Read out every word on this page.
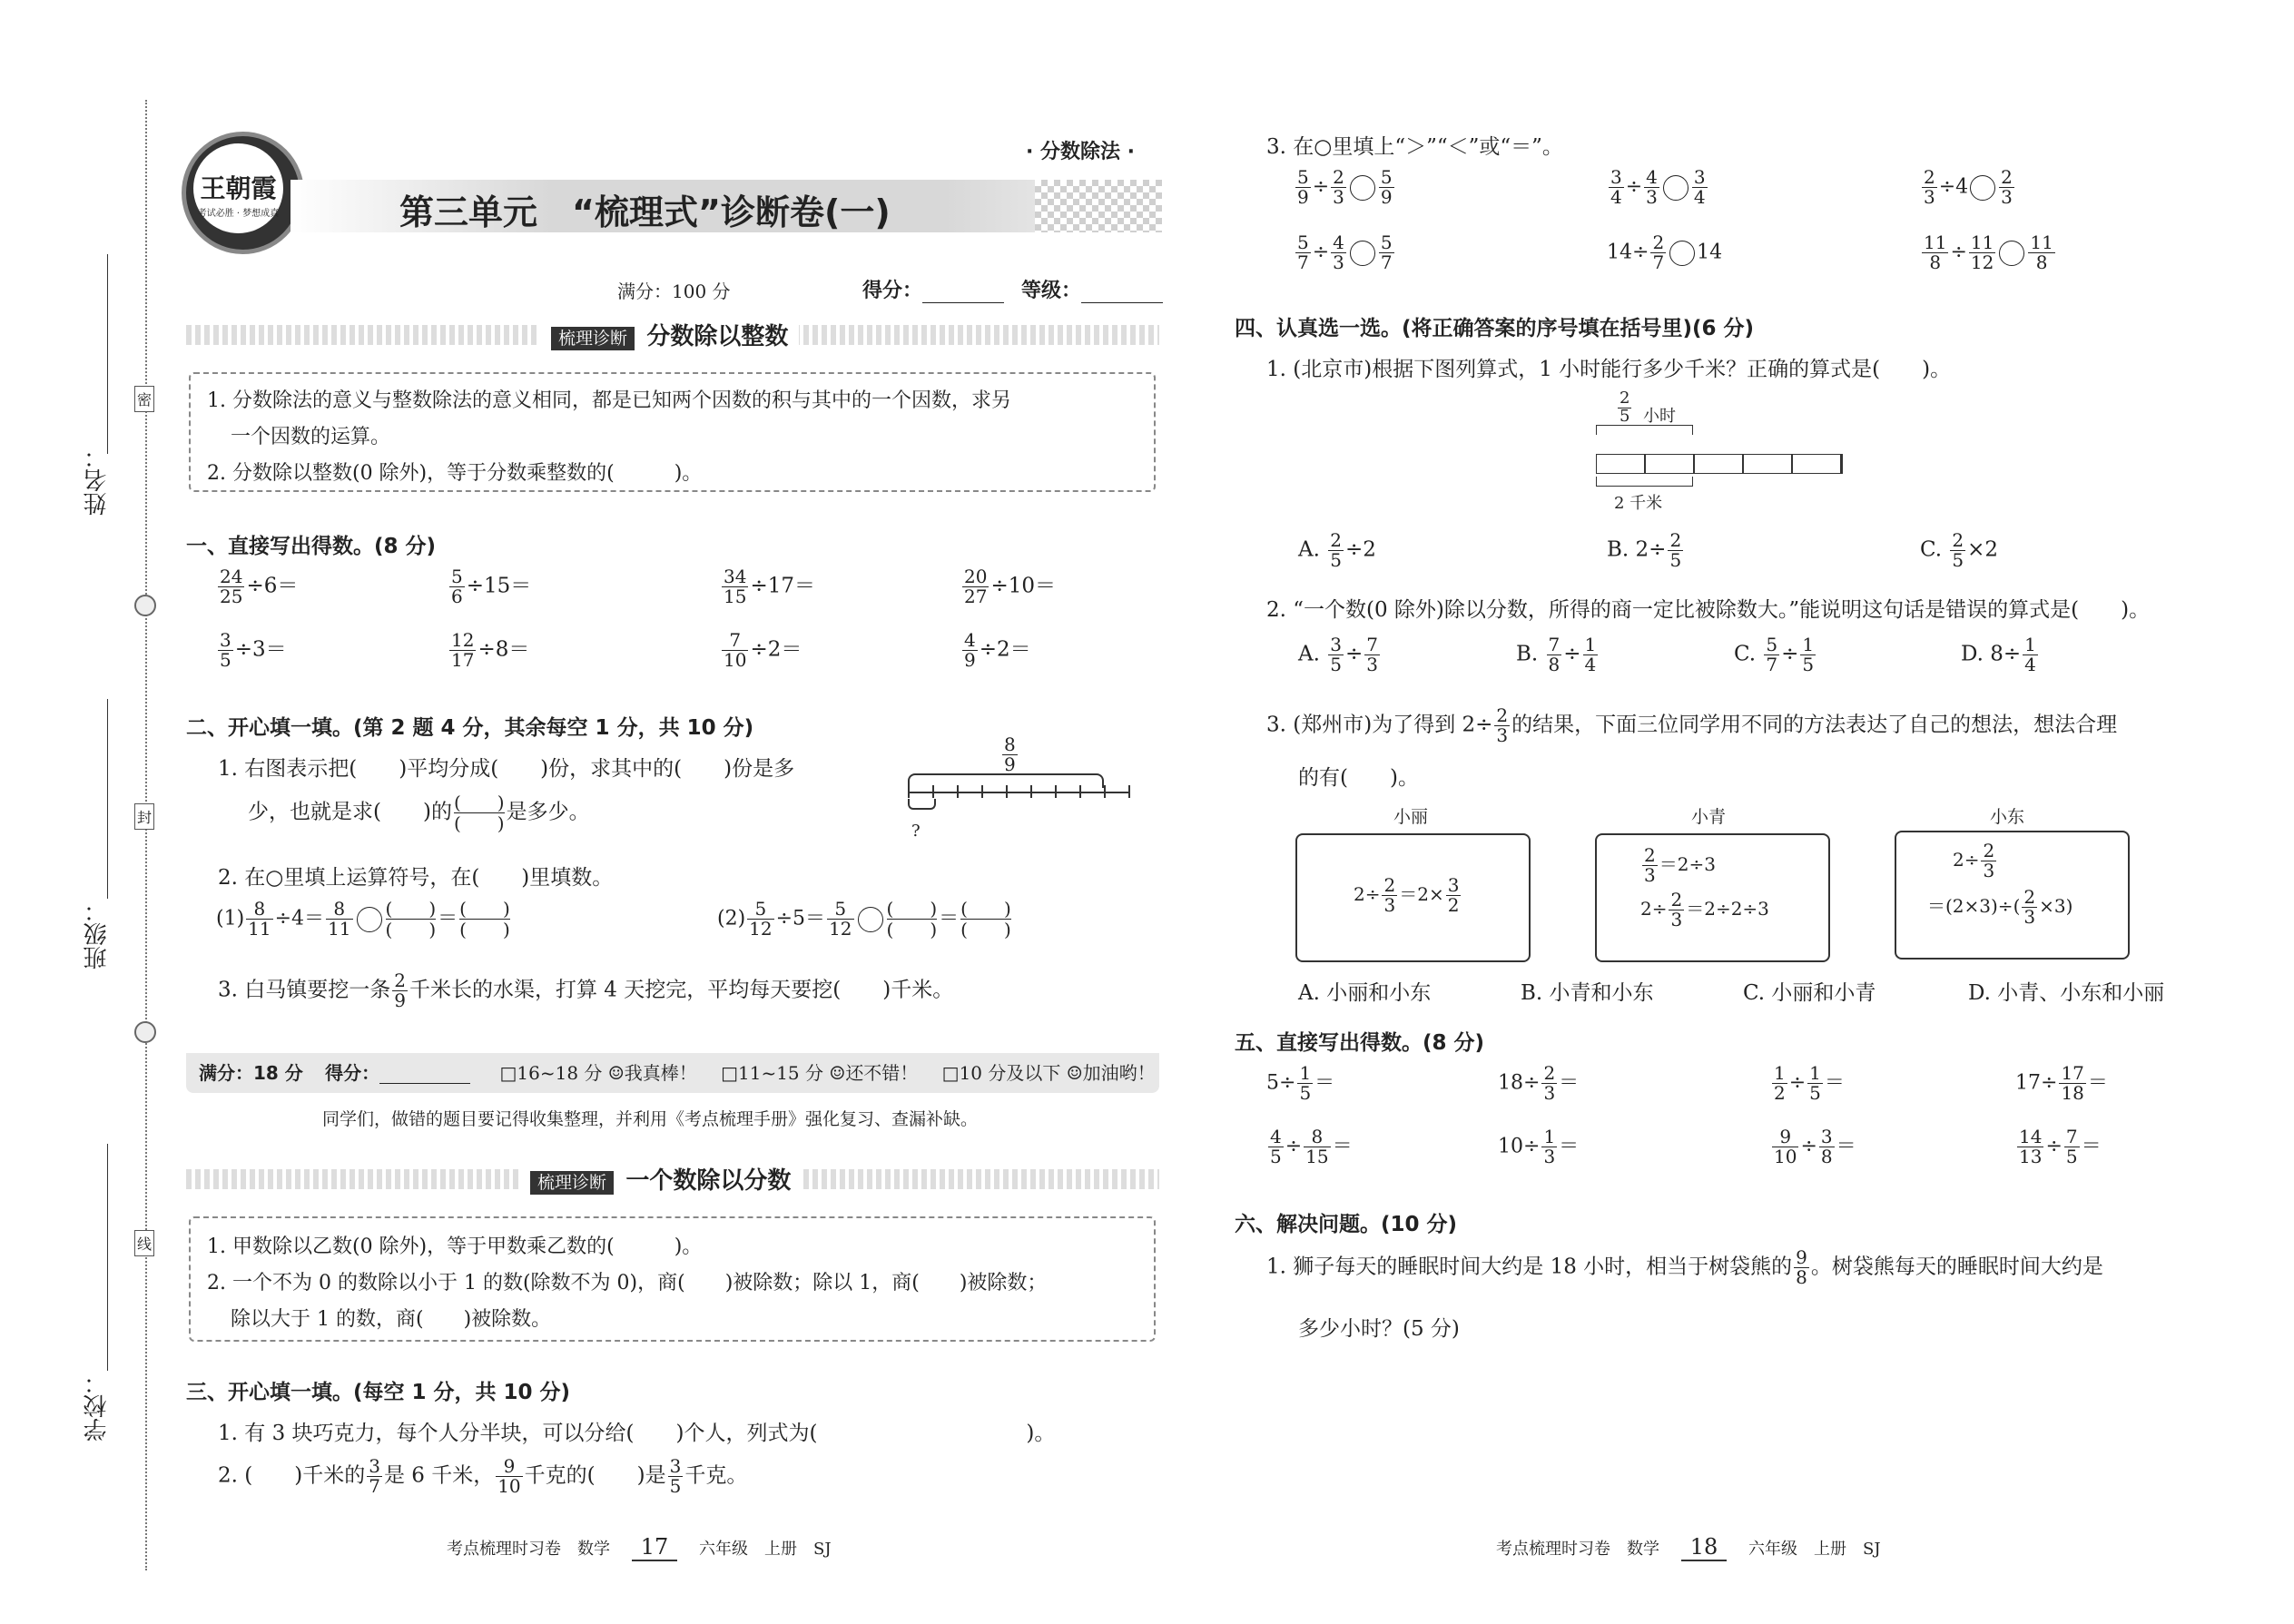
姓名：
班级：
学校：
密
封
线
王朝霞
考试必胜 · 梦想成真
· 分数除法 ·
第三单元　“梳理式”诊断卷(一)
满分：100 分	得分：	等级：
梳理诊断 分数除以整数
1. 分数除法的意义与整数除法的意义相同，都是已知两个因数的积与其中的一个因数，求另
一个因数的运算。
2. 分数除以整数(0 除外)，等于分数乘整数的(　　　)。
一、直接写出得数。(8 分)
$\frac{24}{25} \div 6=$	$\frac{5}{6} \div 15=$	$\frac{34}{15} \div 17=$	$\frac{20}{27} \div 10=$
$\frac{3}{5} \div 3=$	$\frac{12}{17} \div 8=$	$\frac{7}{10} \div 2=$	$\frac{4}{9} \div 2=$
二、开心填一填。(第 2 题 4 分，其余每空 1 分，共 10 分)
1. 右图表示把(　　)平均分成(　　)份，求其中的(　　)份是多
少，也就是求(　　)的 (　　)
(　　)是多少。
$\frac{8}{9}$
?
2. 在○里填上运算符号，在(　　)里填数。
$(1) \frac{8}{11} \div 4= \frac{8}{11}$ (　　)
(　　)＝ (　　)
(　　)	$(2) \frac{5}{12} \div 5= \frac{5}{12}$ (　　)
(　　)＝ (　　)
(　　)
3. 白马镇要挖一条 $\frac{2}{9}$ 千米长的水渠，打算 4 天挖完，平均每天要挖(　　)千米。
满分：18 分 得分：	□16~18 分 ☺我真棒！ □11~15 分 ☺还不错！ □10 分及以下 ☺加油哟！
同学们，做错的题目要记得收集整理，并利用《考点梳理手册》强化复习、查漏补缺。
梳理诊断 一个数除以分数
1. 甲数除以乙数(0 除外)，等于甲数乘乙数的(　　　)。
2. 一个不为 0 的数除以小于 1 的数(除数不为 0)，商(　　)被除数；除以 1，商(　　)被除数；
除以大于 1 的数，商(　　)被除数。
三、开心填一填。(每空 1 分，共 10 分)
1. 有 3 块巧克力，每个人分半块，可以分给(　　)个人，列式为(　　　　　　　　　　)。
2. (　　)千米的 $\frac{3}{7}$ 是 6 千米， $\frac{9}{10}$ 千克的(　　)是 $\frac{3}{5}$ 千克。
考点梳理时习卷　数学 17 六年级　上册　SJ
3. 在○里填上“＞”“＜”或“＝”。
$\frac{5}{9} \div \frac{2}{3} \frac{5}{9}$	$\frac{3}{4} \div \frac{4}{3} \frac{3}{4}$	$\frac{2}{3} \div 4 \frac{2}{3}$
$\frac{5}{7} \div \frac{4}{3} \frac{5}{7}$	$14\div \frac{2}{7} 14$	$\frac{11}{8} \div \frac{11}{12} \frac{11}{8}$
四、认真选一选。(将正确答案的序号填在括号里)(6 分)
1. (北京市)根据下图列算式，1 小时能行多少千米？正确的算式是(　　)。
$\frac{2}{5}$ 小时
2 千米
A. $\frac{2}{5} \div 2$	B. $2\div \frac{2}{5}$	C. $\frac{2}{5} \times 2$
2. “一个数(0 除外)除以分数，所得的商一定比被除数大。”能说明这句话是错误的算式是(　　)。
A. $\frac{3}{5} \div \frac{7}{3}$	B. $\frac{7}{8} \div \frac{1}{4}$	C. $\frac{5}{7} \div \frac{1}{5}$	D. $8\div \frac{1}{4}$
3. (郑州市)为了得到 $2\div \frac{2}{3}$ 的结果，下面三位同学用不同的方法表达了自己的想法，想法合理
的有(　　)。
小丽	小青	小东
$2\div \frac{2}{3} =2\times \frac{3}{2}$
$\frac{2}{3} =2\div 3$
$2\div \frac{2}{3} =2\div 2\div 3$
$2\div \frac{2}{3}$
$=(2\times 3)\div( \frac{2}{3} \times 3)$
A. 小丽和小东	B. 小青和小东	C. 小丽和小青	D. 小青、小东和小丽
五、直接写出得数。(8 分)
$5\div \frac{1}{5}$ ＝	$18\div \frac{2}{3}$ ＝	$\frac{1}{2} \div \frac{1}{5}$ ＝	$17\div \frac{17}{18}$ ＝
$\frac{4}{5} \div \frac{8}{15}$ ＝	$10\div \frac{1}{3}$ ＝	$\frac{9}{10} \div \frac{3}{8}$ ＝	$\frac{14}{13} \div \frac{7}{5}$ ＝
六、解决问题。(10 分)
1. 狮子每天的睡眠时间大约是 18 小时，相当于树袋熊的 $\frac{9}{8}$ 。树袋熊每天的睡眠时间大约是
多少小时？(5 分)
考点梳理时习卷　数学 18 六年级　上册　SJ
